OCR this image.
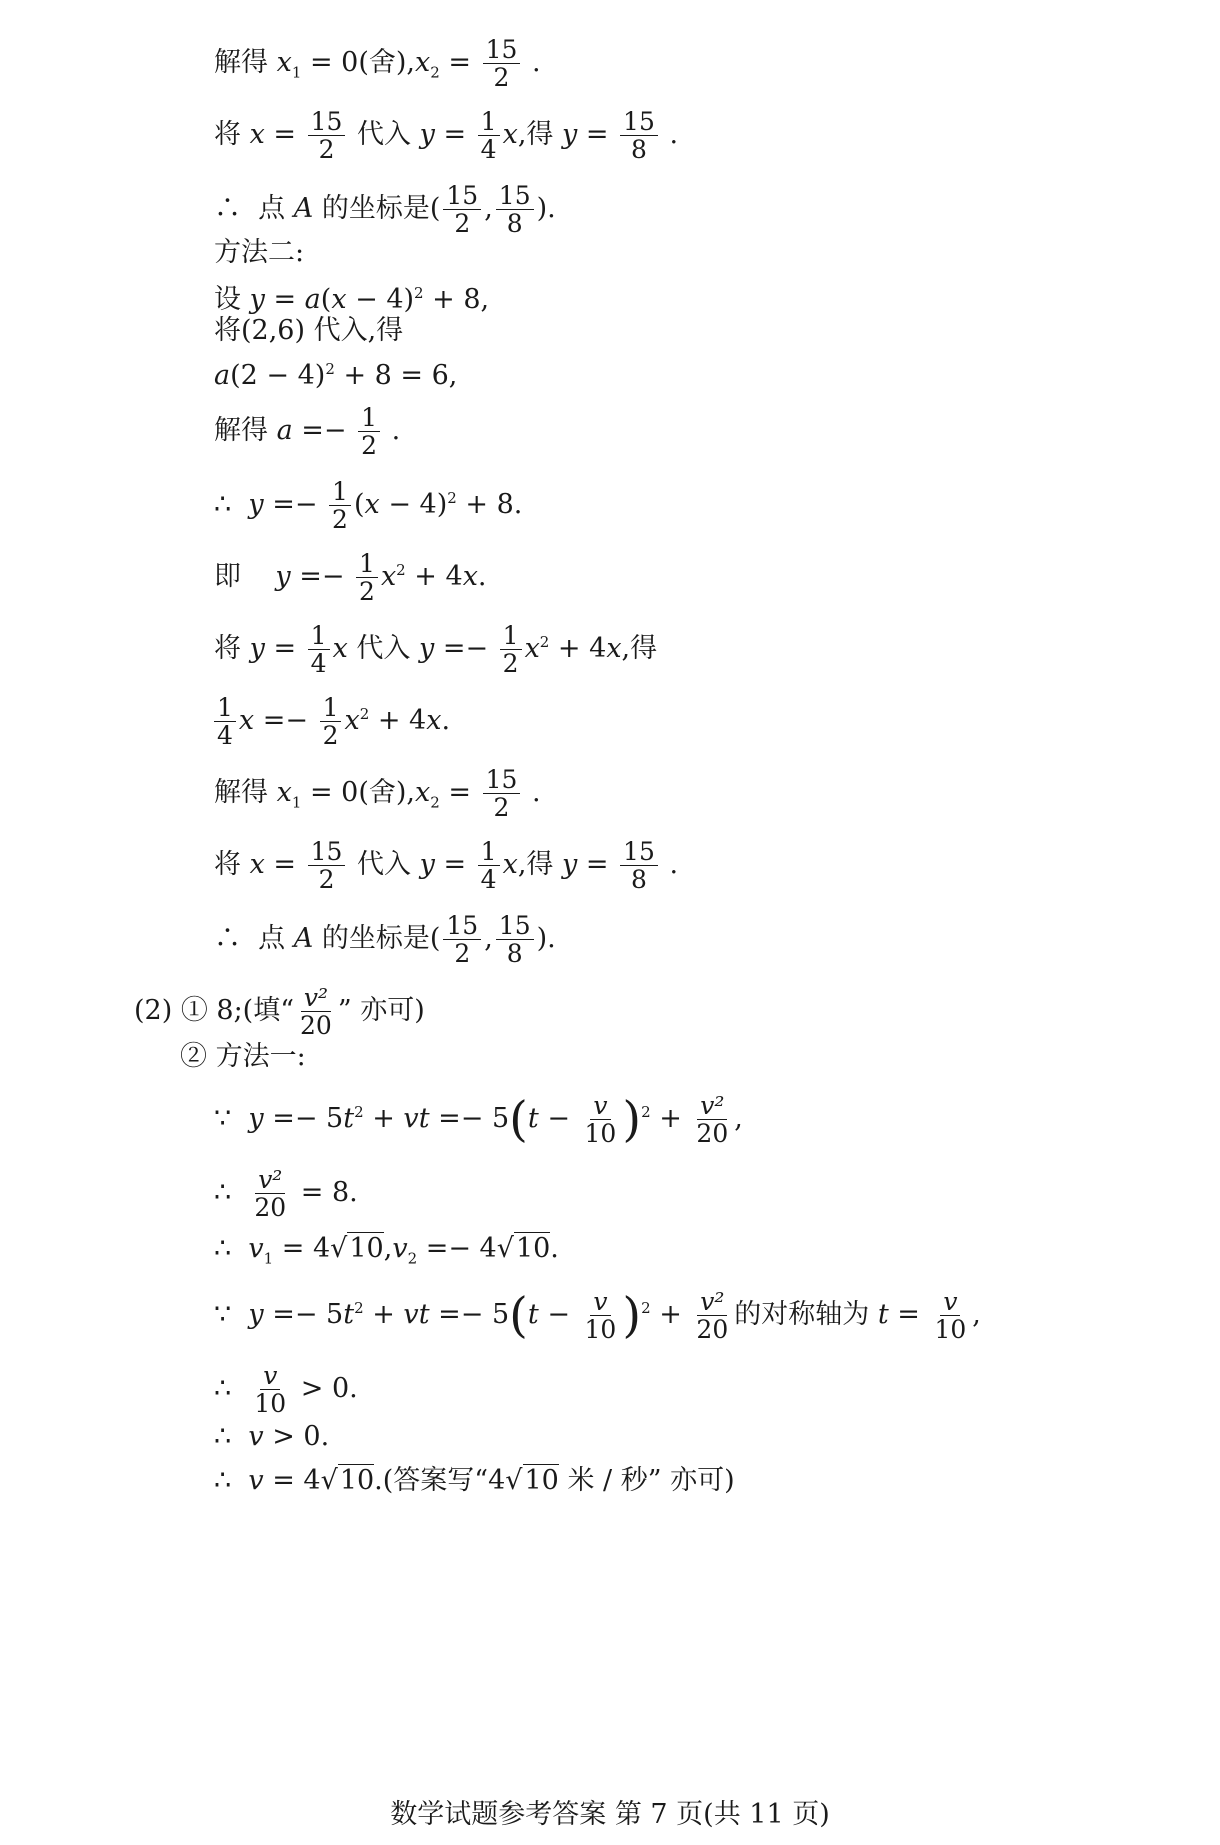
解得 $x_1 = 0$(舍)$,x_2 = \frac{15}{2}$ .
将 $x = \frac{15}{2}$ 代入 $y = \frac{1}{4} x$,得 $y = \frac{15}{8}$ .
∴ 点 A 的坐标是( $\frac{15}{2}$ , $\frac{15}{8}$ ).
方法二:
设 $y = a(x - 4)^2 + 8$,
将(2,6) 代入,得
$a(2 - 4)^2 + 8 = 6$,
解得 $a =- \frac{1}{2}$ .
∴ $y =- \frac{1}{2} (x - 4)^2 + 8$.
即 $y =- \frac{1}{2} x^2 + 4x$.
将 $y = \frac{1}{4}$ x 代入 $y =- \frac{1}{2} x^2 + 4x$,得
$\frac{1}{4}$ $x =- \frac{1}{2} x^2 + 4x$.
解得 $x_1 = 0$(舍)$,x_2 = \frac{15}{2}$ .
将 $x = \frac{15}{2}$ 代入 $y = \frac{1}{4} x$,得 $y = \frac{15}{8}$ .
∴ 点 A 的坐标是( $\frac{15}{2}$ , $\frac{15}{8}$ ).
(2) ① 8;(填“ $\frac{\text{v²}}{20}$ ” 亦可)
② 方法一:
∵ $y =- 5t^2$ + vt =− $5(t - \frac{v}{10} )^2 + \frac{\text{v²}}{20}$ ,
∴ $\frac{\text{v²}}{20} = 8$.
∴ $v_1 = 4√10,v_2 =- 4√10$.
∵ $y =- 5t^2$ + vt =− $5(t - \frac{v}{10} )^2 + \frac{\text{v²}}{20}$ 的对称轴为 $t = \frac{v}{10}$ ,
∴ $\frac{v}{10} > 0$.
∴ v > 0.
∴ v = 4√10.(答案写“4√10 米 / 秒” 亦可)
数学试题参考答案 第 7 页(共 11 页)
